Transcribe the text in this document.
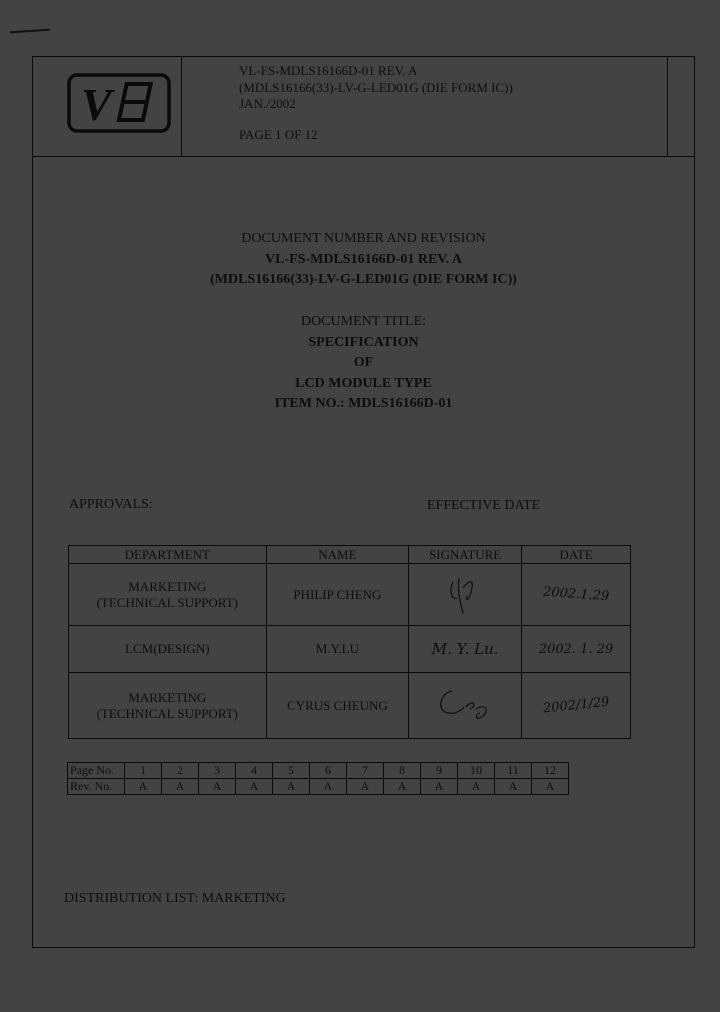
V
VL-FS-MDLS16166D-01 REV. A
(MDLS16166(33)-LV-G-LED01G (DIE FORM IC))
JAN./2002
PAGE 1 OF 12
DOCUMENT NUMBER AND REVISION
VL-FS-MDLS16166D-01 REV. A
(MDLS16166(33)-LV-G-LED01G (DIE FORM IC))
DOCUMENT TITLE:
SPECIFICATION
OF
LCD MODULE TYPE
ITEM NO.: MDLS16166D-01
APPROVALS:	EFFECTIVE DATE
DEPARTMENT	NAME	SIGNATURE	DATE

MARKETING
(TECHNICAL SUPPORT)	PHILIP CHENG		2002.1.29

LCM(DESIGN)	M.Y.LU	M. Y. Lu.	2002. 1. 29

MARKETING
(TECHNICAL SUPPORT)	CYRUS CHEUNG		2002/1/29
Page No.	1	2	3	4	5	6	7	8	9	10	11	12
Rev. No.	A	A	A	A	A	A	A	A	A	A	A	A
DISTRIBUTION LIST: MARKETING
